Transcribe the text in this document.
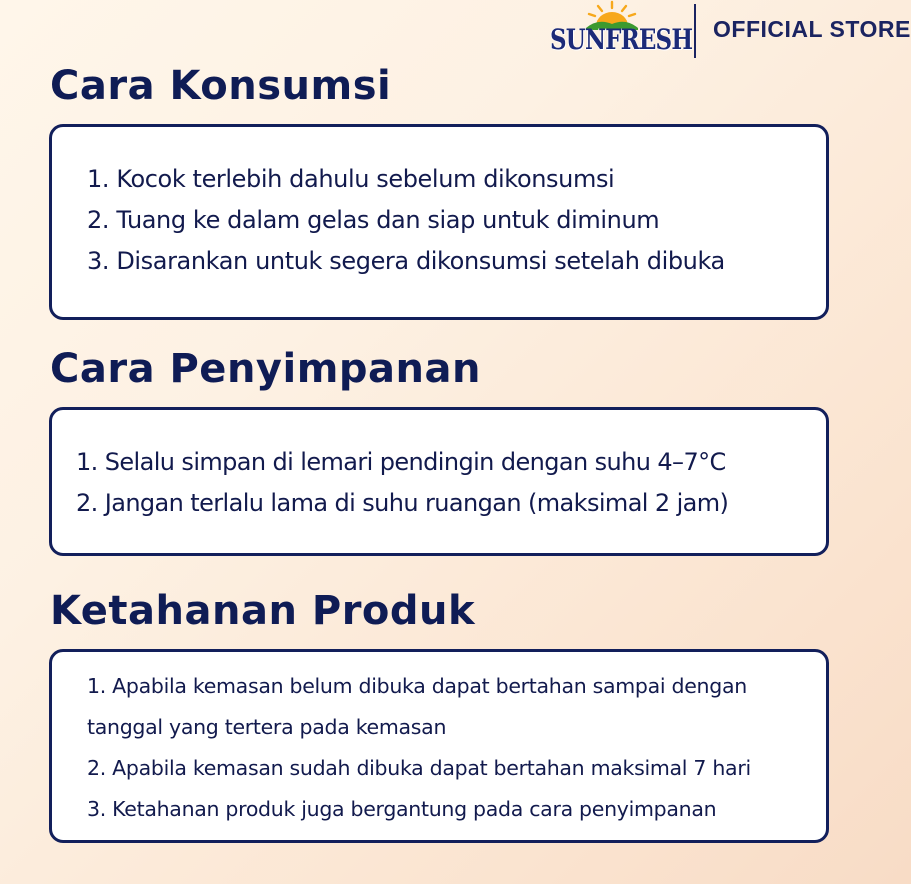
SUNFRESH OFFICIAL STORE
Cara Konsumsi
1. Kocok terlebih dahulu sebelum dikonsumsi
2. Tuang ke dalam gelas dan siap untuk diminum
3. Disarankan untuk segera dikonsumsi setelah dibuka
Cara Penyimpanan
1. Selalu simpan di lemari pendingin dengan suhu 4–7°C
2. Jangan terlalu lama di suhu ruangan (maksimal 2 jam)
Ketahanan Produk
1. Apabila kemasan belum dibuka dapat bertahan sampai dengan
tanggal yang tertera pada kemasan
2. Apabila kemasan sudah dibuka dapat bertahan maksimal 7 hari
3. Ketahanan produk juga bergantung pada cara penyimpanan
